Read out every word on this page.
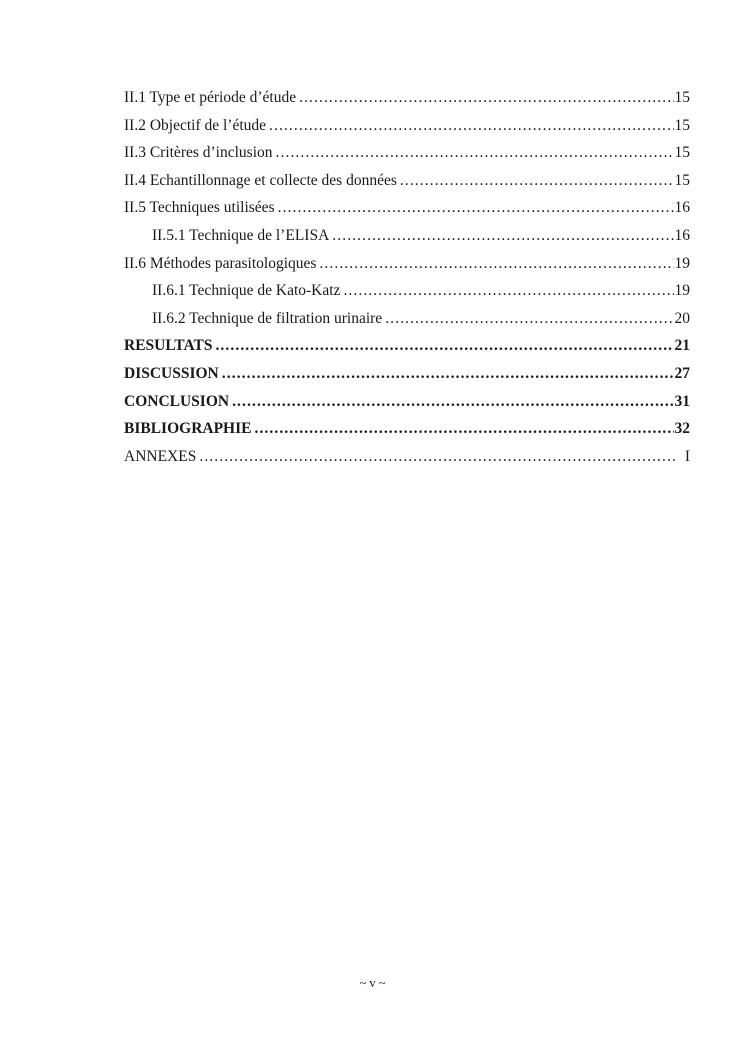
II.1 Type et période d’étude .....	15
II.2 Objectif de l’étude .....	15
II.3 Critères d’inclusion .....	15
II.4 Echantillonnage et collecte des données .....	15
II.5 Techniques utilisées .....	16
II.5.1 Technique de l’ELISA .....	16
II.6 Méthodes parasitologiques .....	19
II.6.1 Technique de Kato-Katz .....	19
II.6.2 Technique de filtration urinaire .....	20
RESULTATS .....	21
DISCUSSION .....	27
CONCLUSION .....	31
BIBLIOGRAPHIE .....	32
ANNEXES .....	I
~ v ~
